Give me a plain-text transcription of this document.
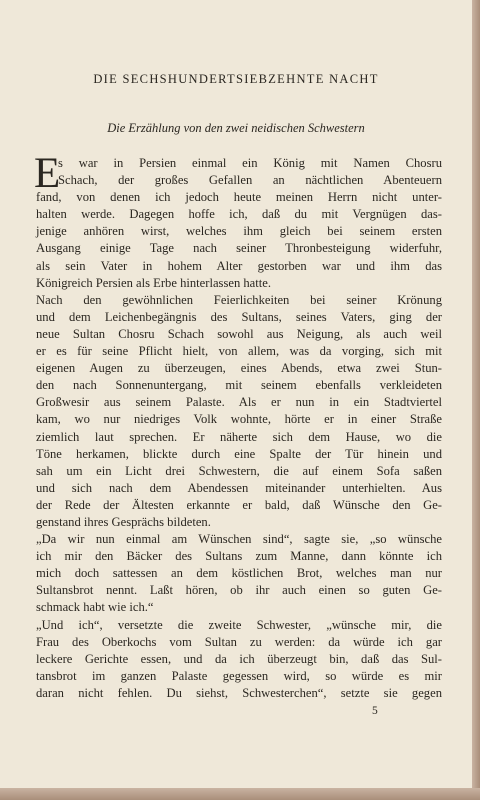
DIE SECHSHUNDERTSIEBZEHNTE NACHT
Die Erzählung von den zwei neidischen Schwestern
E
s war in Persien einmal ein König mit Namen Chosru
Schach, der großes Gefallen an nächtlichen Abenteuern
fand, von denen ich jedoch heute meinen Herrn nicht unter-
halten werde. Dagegen hoffe ich, daß du mit Vergnügen das-
jenige anhören wirst, welches ihm gleich bei seinem ersten
Ausgang einige Tage nach seiner Thronbesteigung widerfuhr,
als sein Vater in hohem Alter gestorben war und ihm das
Königreich Persien als Erbe hinterlassen hatte.
Nach den gewöhnlichen Feierlichkeiten bei seiner Krönung
und dem Leichenbegängnis des Sultans, seines Vaters, ging der
neue Sultan Chosru Schach sowohl aus Neigung, als auch weil
er es für seine Pflicht hielt, von allem, was da vorging, sich mit
eigenen Augen zu überzeugen, eines Abends, etwa zwei Stun-
den nach Sonnenuntergang, mit seinem ebenfalls verkleideten
Großwesir aus seinem Palaste. Als er nun in ein Stadtviertel
kam, wo nur niedriges Volk wohnte, hörte er in einer Straße
ziemlich laut sprechen. Er näherte sich dem Hause, wo die
Töne herkamen, blickte durch eine Spalte der Tür hinein und
sah um ein Licht drei Schwestern, die auf einem Sofa saßen
und sich nach dem Abendessen miteinander unterhielten. Aus
der Rede der Ältesten erkannte er bald, daß Wünsche den Ge-
genstand ihres Gesprächs bildeten.
„Da wir nun einmal am Wünschen sind“, sagte sie, „so wünsche
ich mir den Bäcker des Sultans zum Manne, dann könnte ich
mich doch sattessen an dem köstlichen Brot, welches man nur
Sultansbrot nennt. Laßt hören, ob ihr auch einen so guten Ge-
schmack habt wie ich.“
„Und ich“, versetzte die zweite Schwester, „wünsche mir, die
Frau des Oberkochs vom Sultan zu werden: da würde ich gar
leckere Gerichte essen, und da ich überzeugt bin, daß das Sul-
tansbrot im ganzen Palaste gegessen wird, so würde es mir
daran nicht fehlen. Du siehst, Schwesterchen“, setzte sie gegen
5
